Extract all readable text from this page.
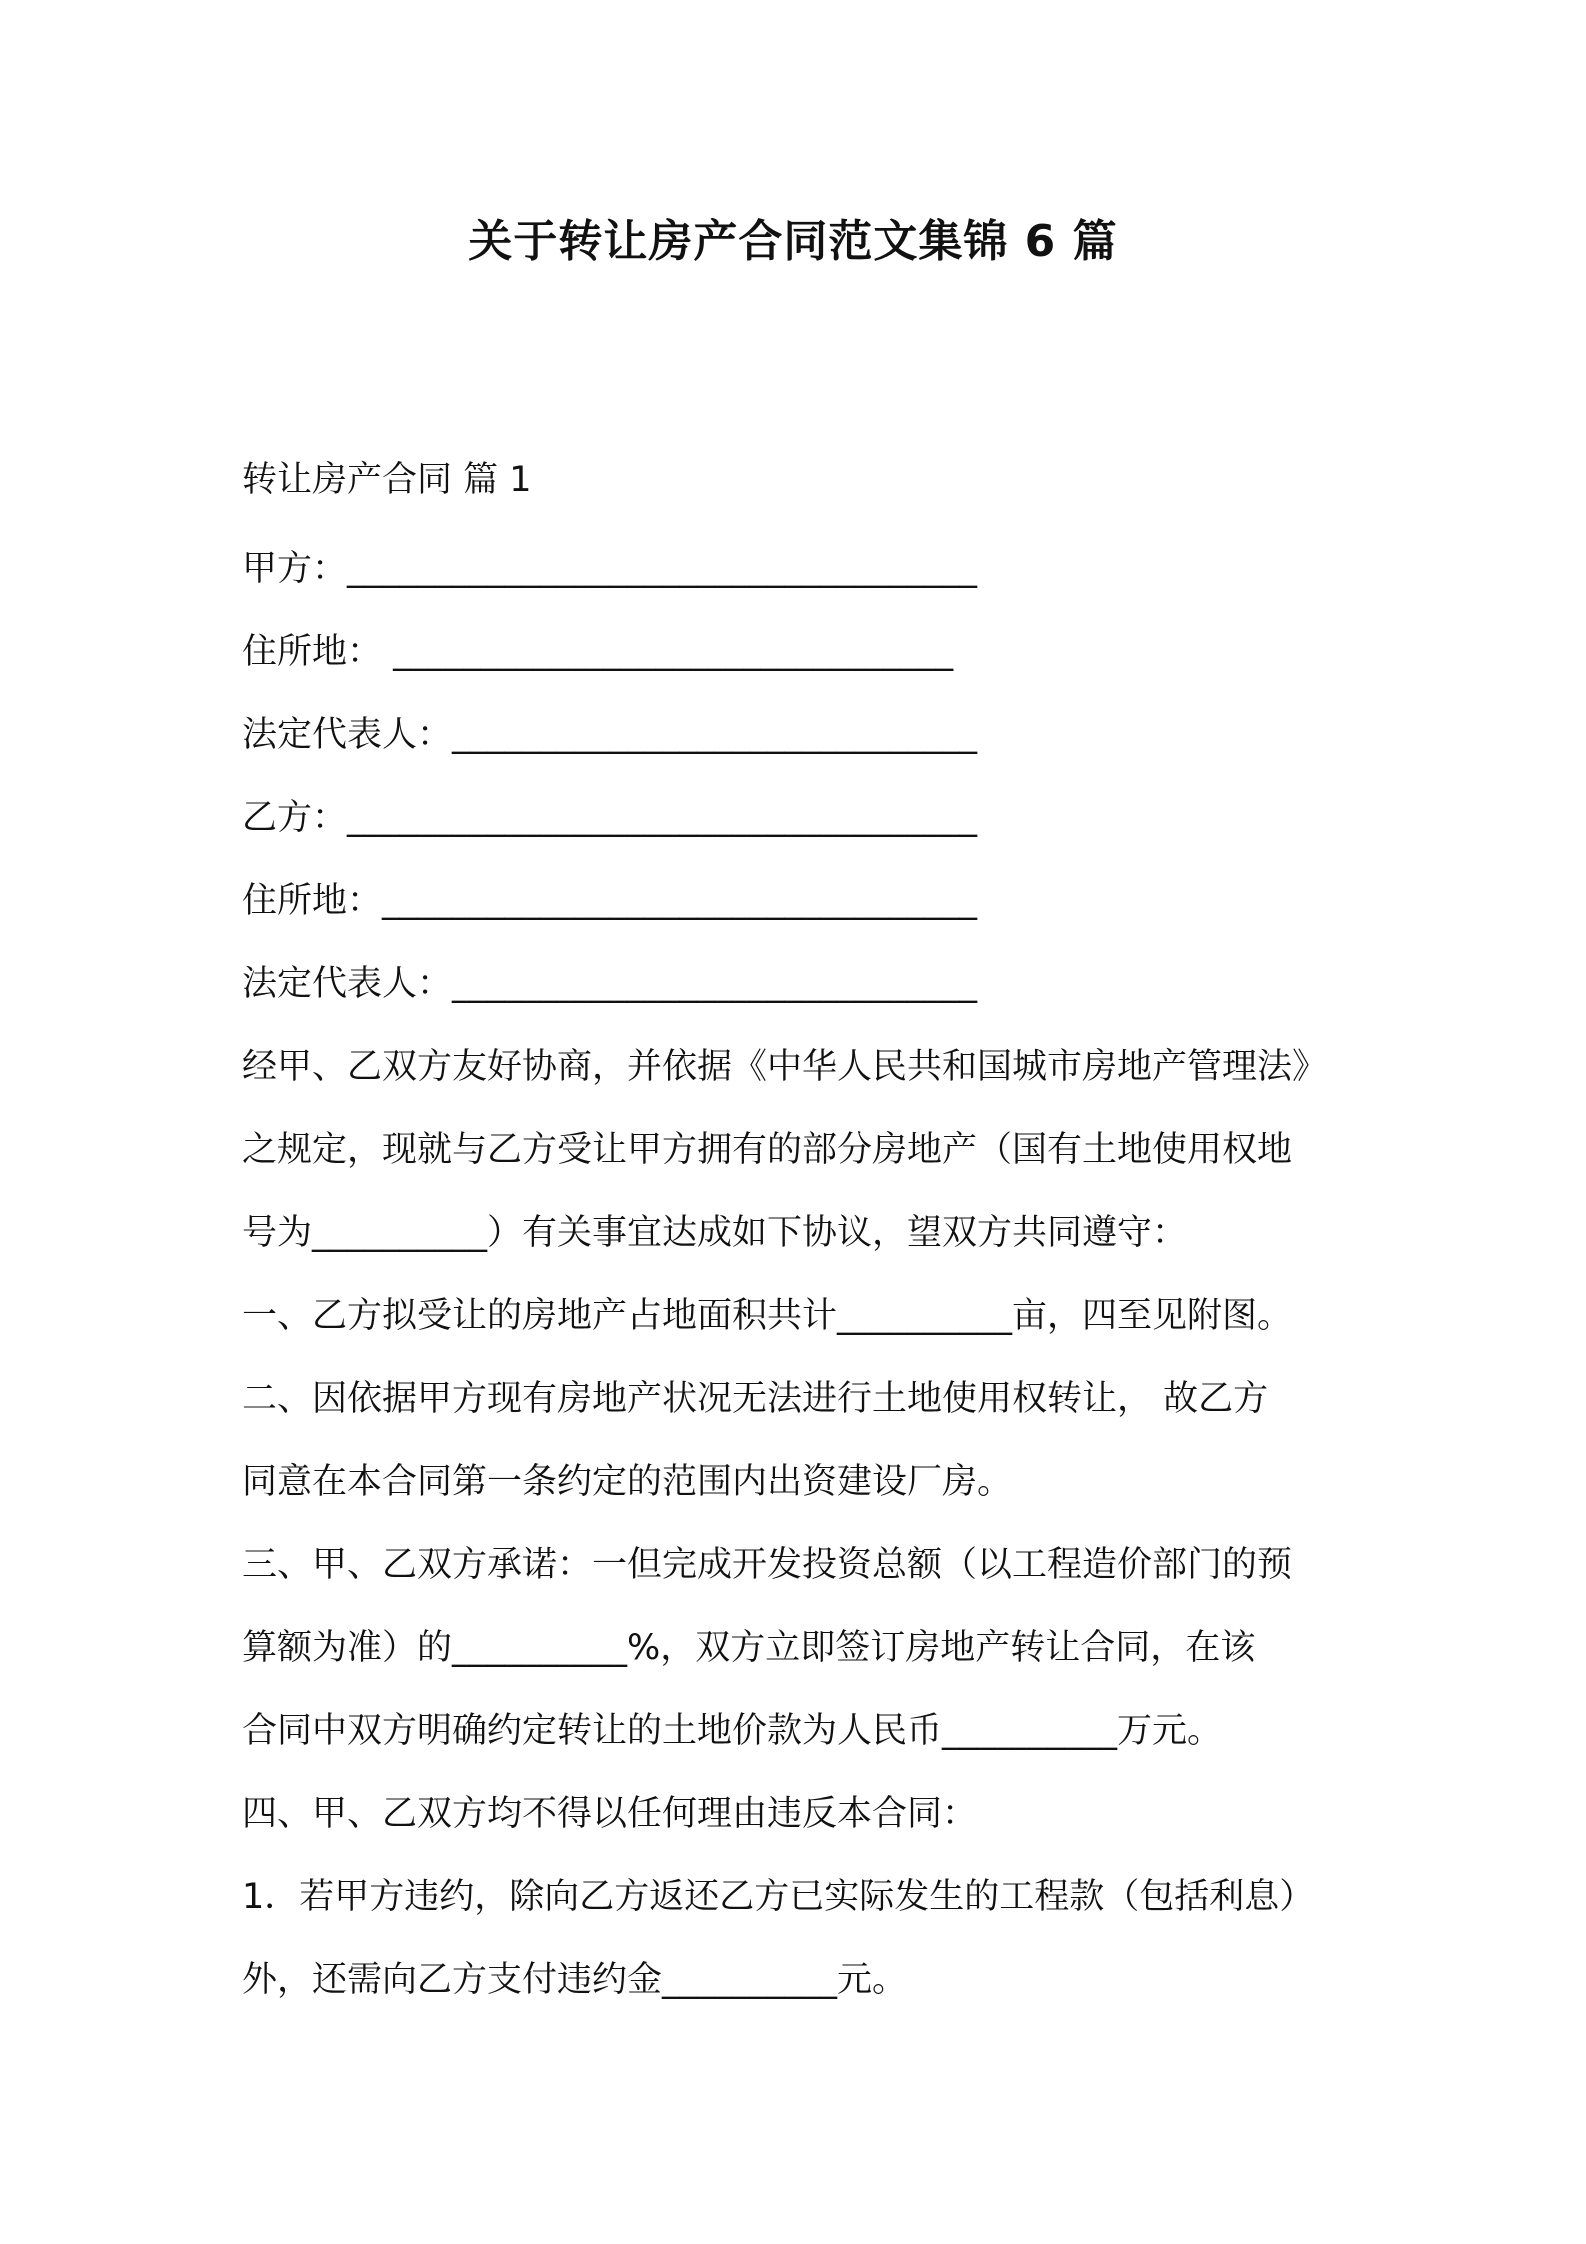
关于转让房产合同范文集锦 6 篇
转让房产合同 篇 1
甲方：____________________________________
住所地： ________________________________
法定代表人：______________________________
乙方：____________________________________
住所地：__________________________________
法定代表人：______________________________
经甲、乙双方友好协商，并依据《中华人民共和国城市房地产管理法》
之规定，现就与乙方受让甲方拥有的部分房地产（国有土地使用权地
号为__________）有关事宜达成如下协议，望双方共同遵守：
一、乙方拟受让的房地产占地面积共计__________亩，四至见附图。
二、因依据甲方现有房地产状况无法进行土地使用权转让， 故乙方
同意在本合同第一条约定的范围内出资建设厂房。
三、甲、乙双方承诺：一但完成开发投资总额（以工程造价部门的预
算额为准）的__________%，双方立即签订房地产转让合同，在该
合同中双方明确约定转让的土地价款为人民币__________万元。
四、甲、乙双方均不得以任何理由违反本合同：
1．若甲方违约，除向乙方返还乙方已实际发生的工程款（包括利息）
外，还需向乙方支付违约金__________元。
